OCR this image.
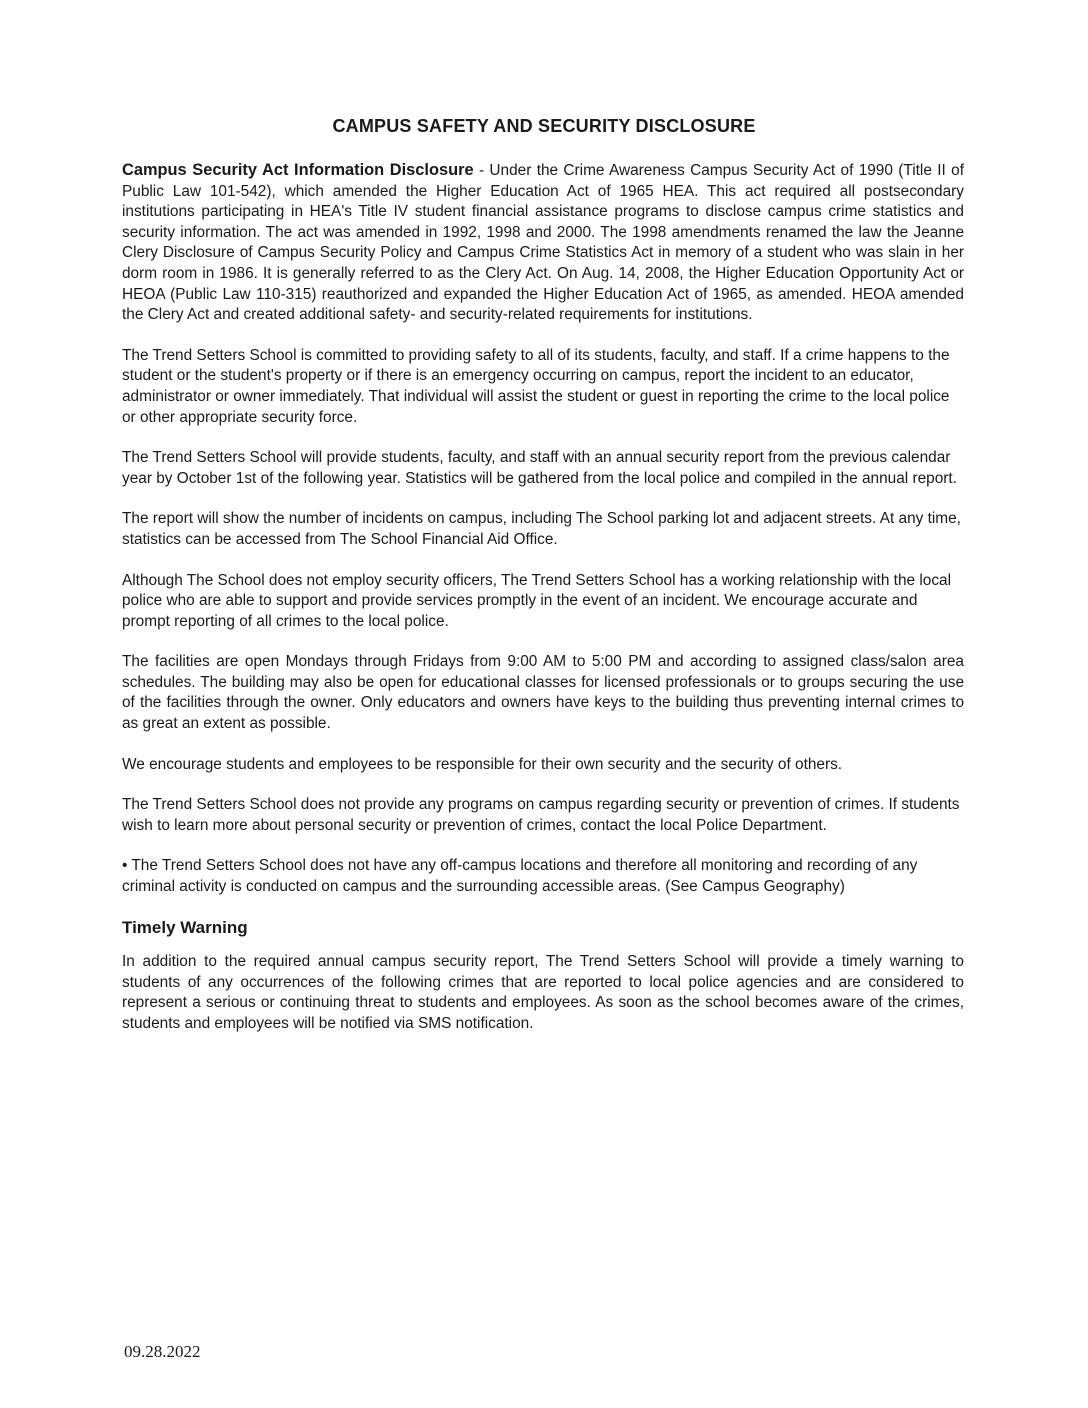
CAMPUS SAFETY AND SECURITY DISCLOSURE

Campus Security Act Information Disclosure - Under the Crime Awareness Campus Security Act of 1990 (Title II of Public Law 101-542), which amended the Higher Education Act of 1965 HEA. This act required all postsecondary institutions participating in HEA's Title IV student financial assistance programs to disclose campus crime statistics and security information. The act was amended in 1992, 1998 and 2000. The 1998 amendments renamed the law the Jeanne Clery Disclosure of Campus Security Policy and Campus Crime Statistics Act in memory of a student who was slain in her dorm room in 1986. It is generally referred to as the Clery Act. On Aug. 14, 2008, the Higher Education Opportunity Act or HEOA (Public Law 110-315) reauthorized and expanded the Higher Education Act of 1965, as amended. HEOA amended the Clery Act and created additional safety- and security-related requirements for institutions.

The Trend Setters School is committed to providing safety to all of its students, faculty, and staff. If a crime happens to the student or the student's property or if there is an emergency occurring on campus, report the incident to an educator, administrator or owner immediately. That individual will assist the student or guest in reporting the crime to the local police or other appropriate security force.

The Trend Setters School will provide students, faculty, and staff with an annual security report from the previous calendar year by October 1st of the following year. Statistics will be gathered from the local police and compiled in the annual report.

The report will show the number of incidents on campus, including The School parking lot and adjacent streets. At any time, statistics can be accessed from The School Financial Aid Office.

Although The School does not employ security officers, The Trend Setters School has a working relationship with the local police who are able to support and provide services promptly in the event of an incident. We encourage accurate and prompt reporting of all crimes to the local police.

The facilities are open Mondays through Fridays from 9:00 AM to 5:00 PM and according to assigned class/salon area schedules. The building may also be open for educational classes for licensed professionals or to groups securing the use of the facilities through the owner. Only educators and owners have keys to the building thus preventing internal crimes to as great an extent as possible.

We encourage students and employees to be responsible for their own security and the security of others.

The Trend Setters School does not provide any programs on campus regarding security or prevention of crimes. If students wish to learn more about personal security or prevention of crimes, contact the local Police Department.

• The Trend Setters School does not have any off-campus locations and therefore all monitoring and recording of any criminal activity is conducted on campus and the surrounding accessible areas. (See Campus Geography)

Timely Warning

In addition to the required annual campus security report, The Trend Setters School will provide a timely warning to students of any occurrences of the following crimes that are reported to local police agencies and are considered to represent a serious or continuing threat to students and employees. As soon as the school becomes aware of the crimes, students and employees will be notified via SMS notification.

09.28.2022
